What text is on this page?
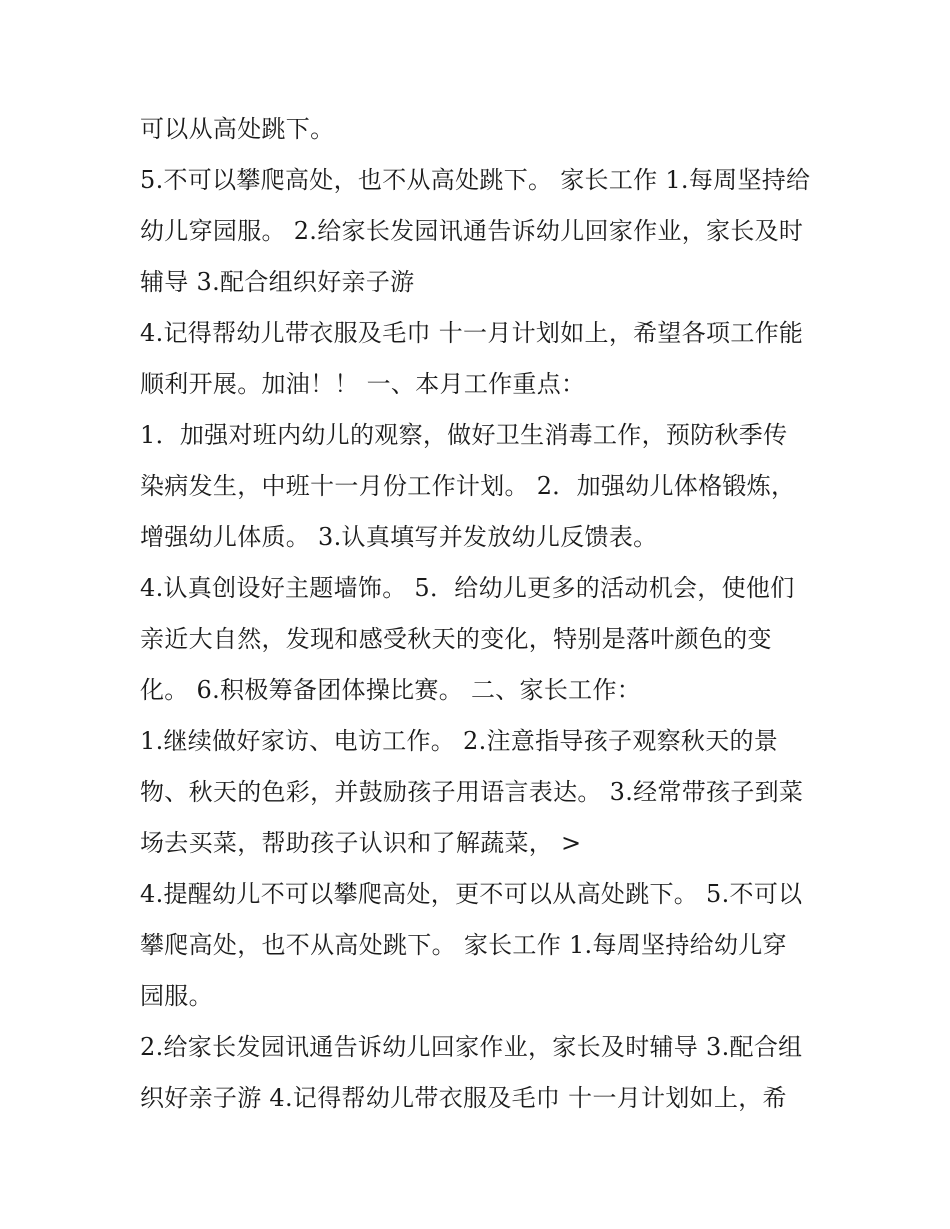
可以从高处跳下。
5.不可以攀爬高处，也不从高处跳下。 家长工作 1.每周坚持给
幼儿穿园服。 2.给家长发园讯通告诉幼儿回家作业，家长及时
辅导 3.配合组织好亲子游
4.记得帮幼儿带衣服及毛巾 十一月计划如上，希望各项工作能
顺利开展。加油！！ 一、本月工作重点：
1．加强对班内幼儿的观察，做好卫生消毒工作，预防秋季传
染病发生，中班十一月份工作计划。 2．加强幼儿体格锻炼，
增强幼儿体质。 3.认真填写并发放幼儿反馈表。
4.认真创设好主题墙饰。 5．给幼儿更多的活动机会，使他们
亲近大自然，发现和感受秋天的变化，特别是落叶颜色的变
化。 6.积极筹备团体操比赛。 二、家长工作：
1.继续做好家访、电访工作。 2.注意指导孩子观察秋天的景
物、秋天的色彩，并鼓励孩子用语言表达。 3.经常带孩子到菜
场去买菜，帮助孩子认识和了解蔬菜， >
4.提醒幼儿不可以攀爬高处，更不可以从高处跳下。 5.不可以
攀爬高处，也不从高处跳下。 家长工作 1.每周坚持给幼儿穿
园服。
2.给家长发园讯通告诉幼儿回家作业，家长及时辅导 3.配合组
织好亲子游 4.记得帮幼儿带衣服及毛巾 十一月计划如上，希
